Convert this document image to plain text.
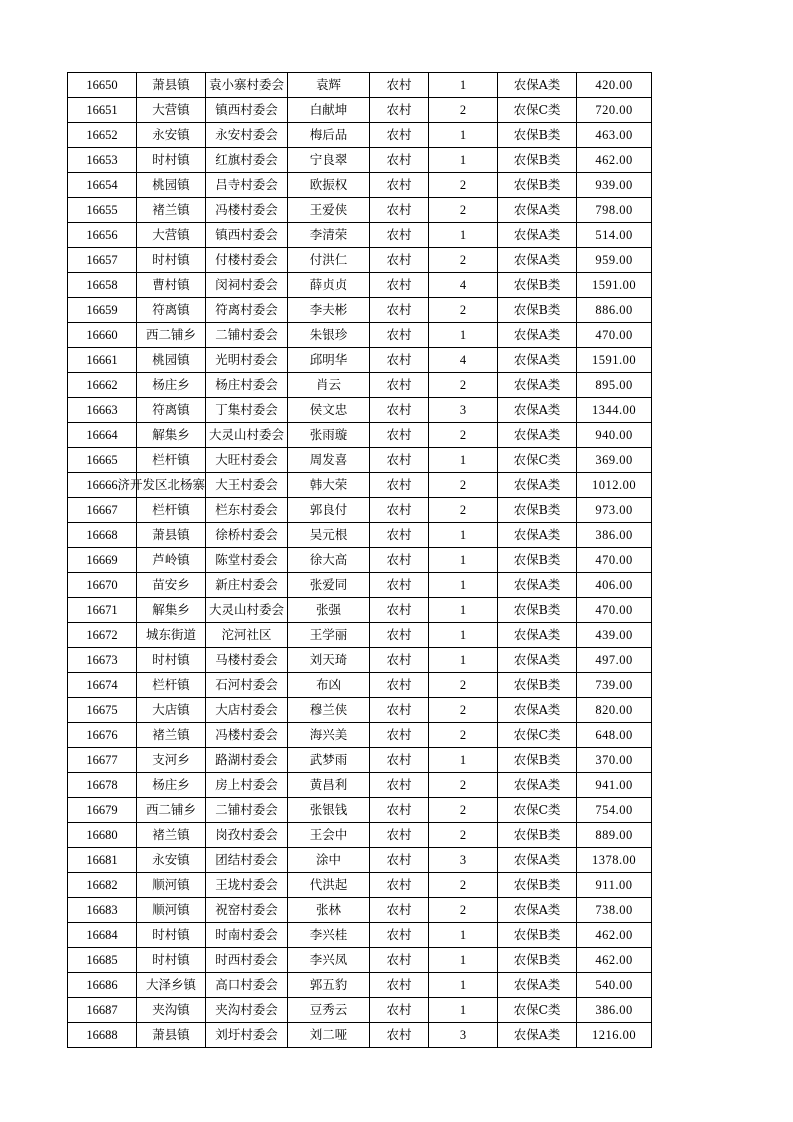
16650	萧县镇	袁小寨村委会	袁辉	农村	1	农保A类	420.00
16651	大营镇	镇西村委会	白献坤	农村	2	农保C类	720.00
16652	永安镇	永安村委会	梅后品	农村	1	农保B类	463.00
16653	时村镇	红旗村委会	宁良翠	农村	1	农保B类	462.00
16654	桃园镇	吕寺村委会	欧振权	农村	2	农保B类	939.00
16655	褚兰镇	冯楼村委会	王爱侠	农村	2	农保A类	798.00
16656	大营镇	镇西村委会	李清荣	农村	1	农保A类	514.00
16657	时村镇	付楼村委会	付洪仁	农村	2	农保A类	959.00
16658	曹村镇	闵祠村委会	薛贞贞	农村	4	农保B类	1591.00
16659	符离镇	符离村委会	李夫彬	农村	2	农保B类	886.00
16660	西二铺乡	二铺村委会	朱银珍	农村	1	农保A类	470.00
16661	桃园镇	光明村委会	邱明华	农村	4	农保A类	1591.00
16662	杨庄乡	杨庄村委会	肖云	农村	2	农保A类	895.00
16663	符离镇	丁集村委会	侯文忠	农村	3	农保A类	1344.00
16664	解集乡	大灵山村委会	张雨璇	农村	2	农保A类	940.00
16665	栏杆镇	大旺村委会	周发喜	农村	1	农保C类	369.00
16666	济开发区北杨寨	大王村委会	韩大荣	农村	2	农保A类	1012.00
16667	栏杆镇	栏东村委会	郭良付	农村	2	农保B类	973.00
16668	萧县镇	徐桥村委会	吴元根	农村	1	农保A类	386.00
16669	芦岭镇	陈堂村委会	徐大高	农村	1	农保B类	470.00
16670	苗安乡	新庄村委会	张爱同	农村	1	农保A类	406.00
16671	解集乡	大灵山村委会	张强	农村	1	农保B类	470.00
16672	城东街道	沱河社区	王学丽	农村	1	农保A类	439.00
16673	时村镇	马楼村委会	刘天琦	农村	1	农保A类	497.00
16674	栏杆镇	石河村委会	布凶	农村	2	农保B类	739.00
16675	大店镇	大店村委会	穆兰侠	农村	2	农保A类	820.00
16676	褚兰镇	冯楼村委会	海兴美	农村	2	农保C类	648.00
16677	支河乡	路湖村委会	武梦雨	农村	1	农保B类	370.00
16678	杨庄乡	房上村委会	黄昌利	农村	2	农保A类	941.00
16679	西二铺乡	二铺村委会	张银钱	农村	2	农保C类	754.00
16680	褚兰镇	岗孜村委会	王会中	农村	2	农保B类	889.00
16681	永安镇	团结村委会	涂中	农村	3	农保A类	1378.00
16682	顺河镇	王垅村委会	代洪起	农村	2	农保B类	911.00
16683	顺河镇	祝窑村委会	张林	农村	2	农保A类	738.00
16684	时村镇	时南村委会	李兴桂	农村	1	农保B类	462.00
16685	时村镇	时西村委会	李兴凤	农村	1	农保B类	462.00
16686	大泽乡镇	高口村委会	郭五豹	农村	1	农保A类	540.00
16687	夹沟镇	夹沟村委会	豆秀云	农村	1	农保C类	386.00
16688	萧县镇	刘圩村委会	刘二哑	农村	3	农保A类	1216.00
